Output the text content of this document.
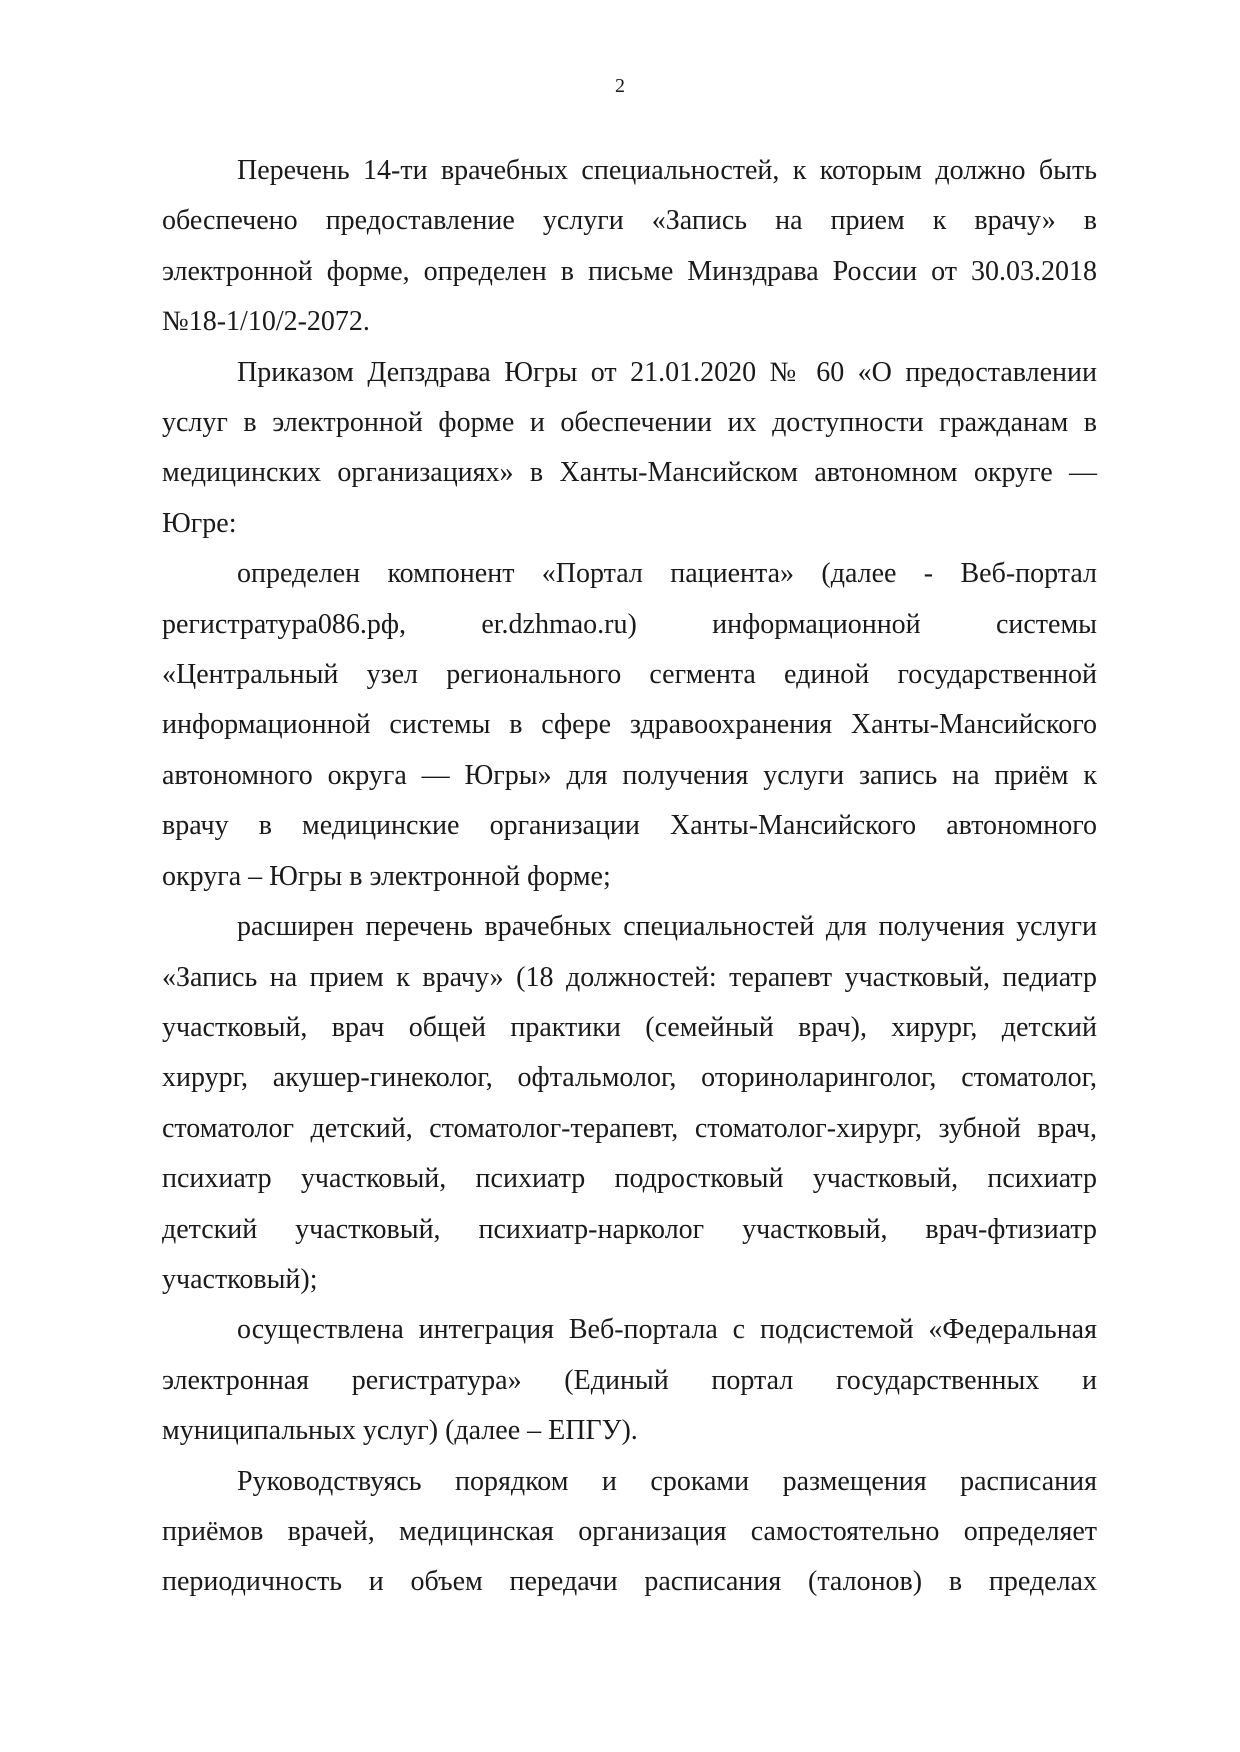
2
Перечень 14-ти врачебных специальностей, к которым должно быть
обеспечено предоставление услуги «Запись на прием к врачу» в
электронной форме, определен в письме Минздрава России от 30.03.2018
№18-1/10/2-2072.
Приказом Депздрава Югры от 21.01.2020 № 60 «О предоставлении
услуг в электронной форме и обеспечении их доступности гражданам в
медицинских организациях» в Ханты-Мансийском автономном округе —
Югре:
определен компонент «Портал пациента» (далее - Веб-портал
регистратура086.рф, er.dzhmao.ru) информационной системы
«Центральный узел регионального сегмента единой государственной
информационной системы в сфере здравоохранения Ханты-Мансийского
автономного округа — Югры» для получения услуги запись на приём к
врачу в медицинские организации Ханты-Мансийского автономного
округа – Югры в электронной форме;
расширен перечень врачебных специальностей для получения услуги
«Запись на прием к врачу» (18 должностей: терапевт участковый, педиатр
участковый, врач общей практики (семейный врач), хирург, детский
хирург, акушер-гинеколог, офтальмолог, оториноларинголог, стоматолог,
стоматолог детский, стоматолог-терапевт, стоматолог-хирург, зубной врач,
психиатр участковый, психиатр подростковый участковый, психиатр
детский участковый, психиатр-нарколог участковый, врач-фтизиатр
участковый);
осуществлена интеграция Веб-портала с подсистемой «Федеральная
электронная регистратура» (Единый портал государственных и
муниципальных услуг) (далее – ЕПГУ).
Руководствуясь порядком и сроками размещения расписания
приёмов врачей, медицинская организация самостоятельно определяет
периодичность и объем передачи расписания (талонов) в пределах
